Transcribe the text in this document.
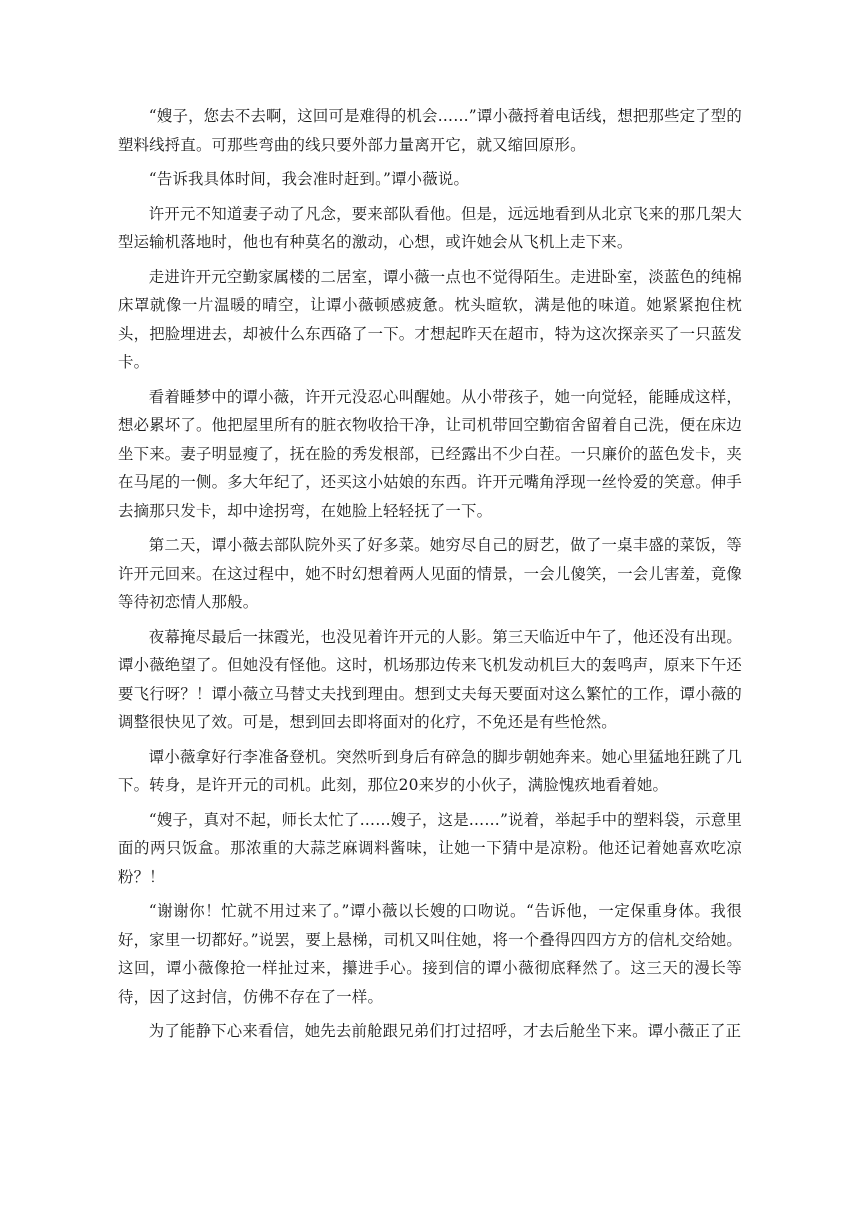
“嫂子，您去不去啊，这回可是难得的机会……”谭小薇捋着电话线，想把那些定了型的塑料线捋直。可那些弯曲的线只要外部力量离开它，就又缩回原形。

“告诉我具体时间，我会准时赶到。”谭小薇说。

许开元不知道妻子动了凡念，要来部队看他。但是，远远地看到从北京飞来的那几架大型运输机落地时，他也有种莫名的激动，心想，或许她会从飞机上走下来。

走进许开元空勤家属楼的二居室，谭小薇一点也不觉得陌生。走进卧室，淡蓝色的纯棉床罩就像一片温暖的晴空，让谭小薇顿感疲惫。枕头暄软，满是他的味道。她紧紧抱住枕头，把脸埋进去，却被什么东西硌了一下。才想起昨天在超市，特为这次探亲买了一只蓝发卡。

看着睡梦中的谭小薇，许开元没忍心叫醒她。从小带孩子，她一向觉轻，能睡成这样，想必累坏了。他把屋里所有的脏衣物收拾干净，让司机带回空勤宿舍留着自己洗，便在床边坐下来。妻子明显瘦了，抚在脸的秀发根部，已经露出不少白茬。一只廉价的蓝色发卡，夹在马尾的一侧。多大年纪了，还买这小姑娘的东西。许开元嘴角浮现一丝怜爱的笑意。伸手去摘那只发卡，却中途拐弯，在她脸上轻轻抚了一下。

第二天，谭小薇去部队院外买了好多菜。她穷尽自己的厨艺，做了一桌丰盛的菜饭，等许开元回来。在这过程中，她不时幻想着两人见面的情景，一会儿傻笑，一会儿害羞，竟像等待初恋情人那般。

夜幕掩尽最后一抹霞光，也没见着许开元的人影。第三天临近中午了，他还没有出现。谭小薇绝望了。但她没有怪他。这时，机场那边传来飞机发动机巨大的轰鸣声，原来下午还要飞行呀？！谭小薇立马替丈夫找到理由。想到丈夫每天要面对这么繁忙的工作，谭小薇的调整很快见了效。可是，想到回去即将面对的化疗，不免还是有些怆然。

谭小薇拿好行李准备登机。突然听到身后有碎急的脚步朝她奔来。她心里猛地狂跳了几下。转身，是许开元的司机。此刻，那位20来岁的小伙子，满脸愧疚地看着她。

“嫂子，真对不起，师长太忙了……嫂子，这是……”说着，举起手中的塑料袋，示意里面的两只饭盒。那浓重的大蒜芝麻调料酱味，让她一下猜中是凉粉。他还记着她喜欢吃凉粉？！

“谢谢你！忙就不用过来了。”谭小薇以长嫂的口吻说。“告诉他，一定保重身体。我很好，家里一切都好。”说罢，要上悬梯，司机又叫住她，将一个叠得四四方方的信札交给她。这回，谭小薇像抢一样扯过来，攥进手心。接到信的谭小薇彻底释然了。这三天的漫长等待，因了这封信，仿佛不存在了一样。

为了能静下心来看信，她先去前舱跟兄弟们打过招呼，才去后舱坐下来。谭小薇正了正
